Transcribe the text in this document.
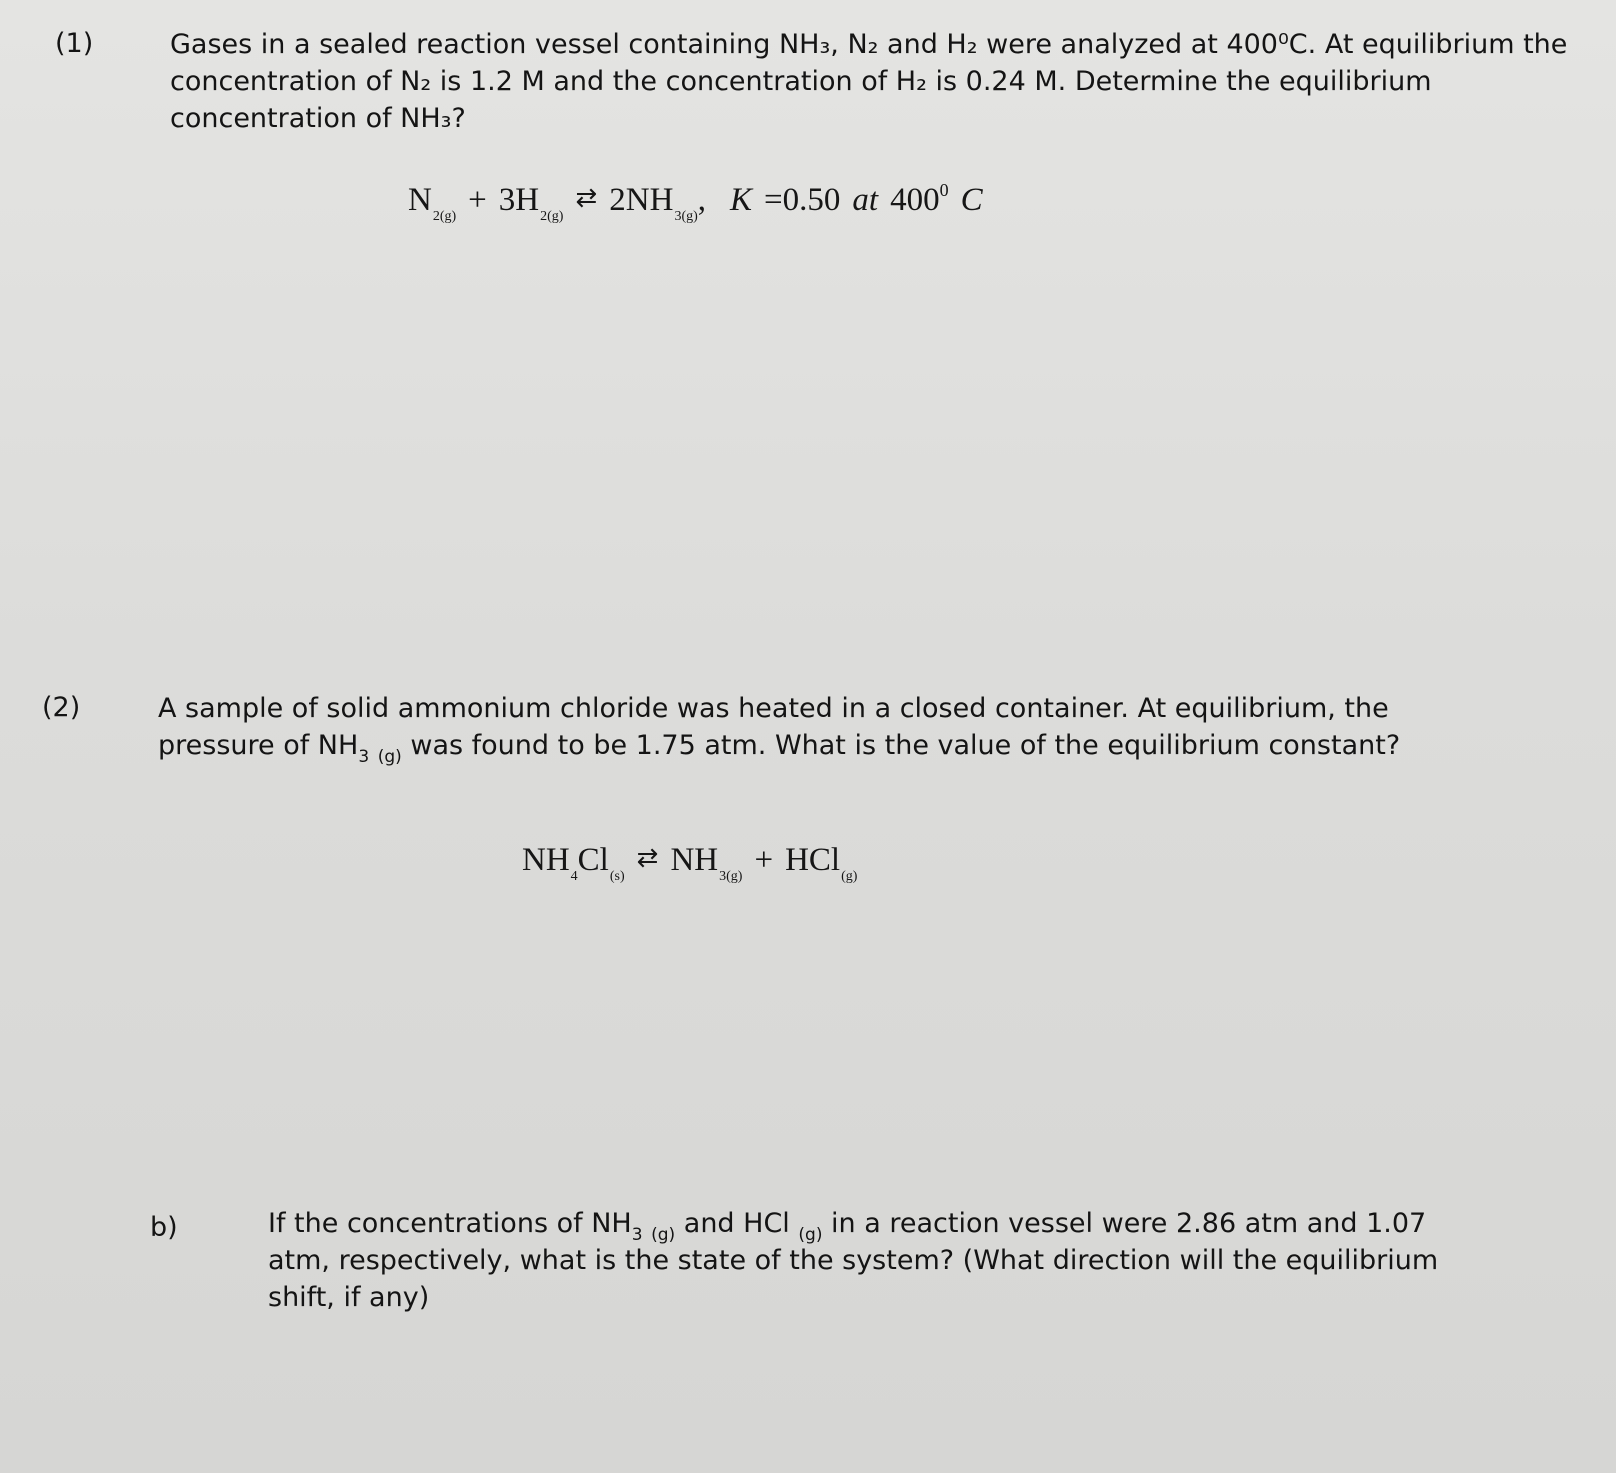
(1)	Gases in a sealed reaction vessel containing NH₃, N₂ and H₂ were analyzed at 400⁰C. At equilibrium the
concentration of N₂ is 1.2 M and the concentration of H₂ is 0.24 M. Determine the equilibrium
concentration of NH₃?
N 2(g) + 3H 2(g)
⇄ 2NH 3(g) , K =0.50 at 400 0 C
(2)	A sample of solid ammonium chloride was heated in a closed container. At equilibrium, the
pressure of $NH_3$ $_{(g)}$ was found to be 1.75 atm. What is the value of the equilibrium constant?
NH 4 Cl (s)
⇄ NH 3(g) + HCl (g)
b)	If the concentrations of $NH_3$ $_{(g)}$ and HCl $_{(g)}$ in a reaction vessel were 2.86 atm and 1.07
atm, respectively, what is the state of the system? (What direction will the equilibrium
shift, if any)
